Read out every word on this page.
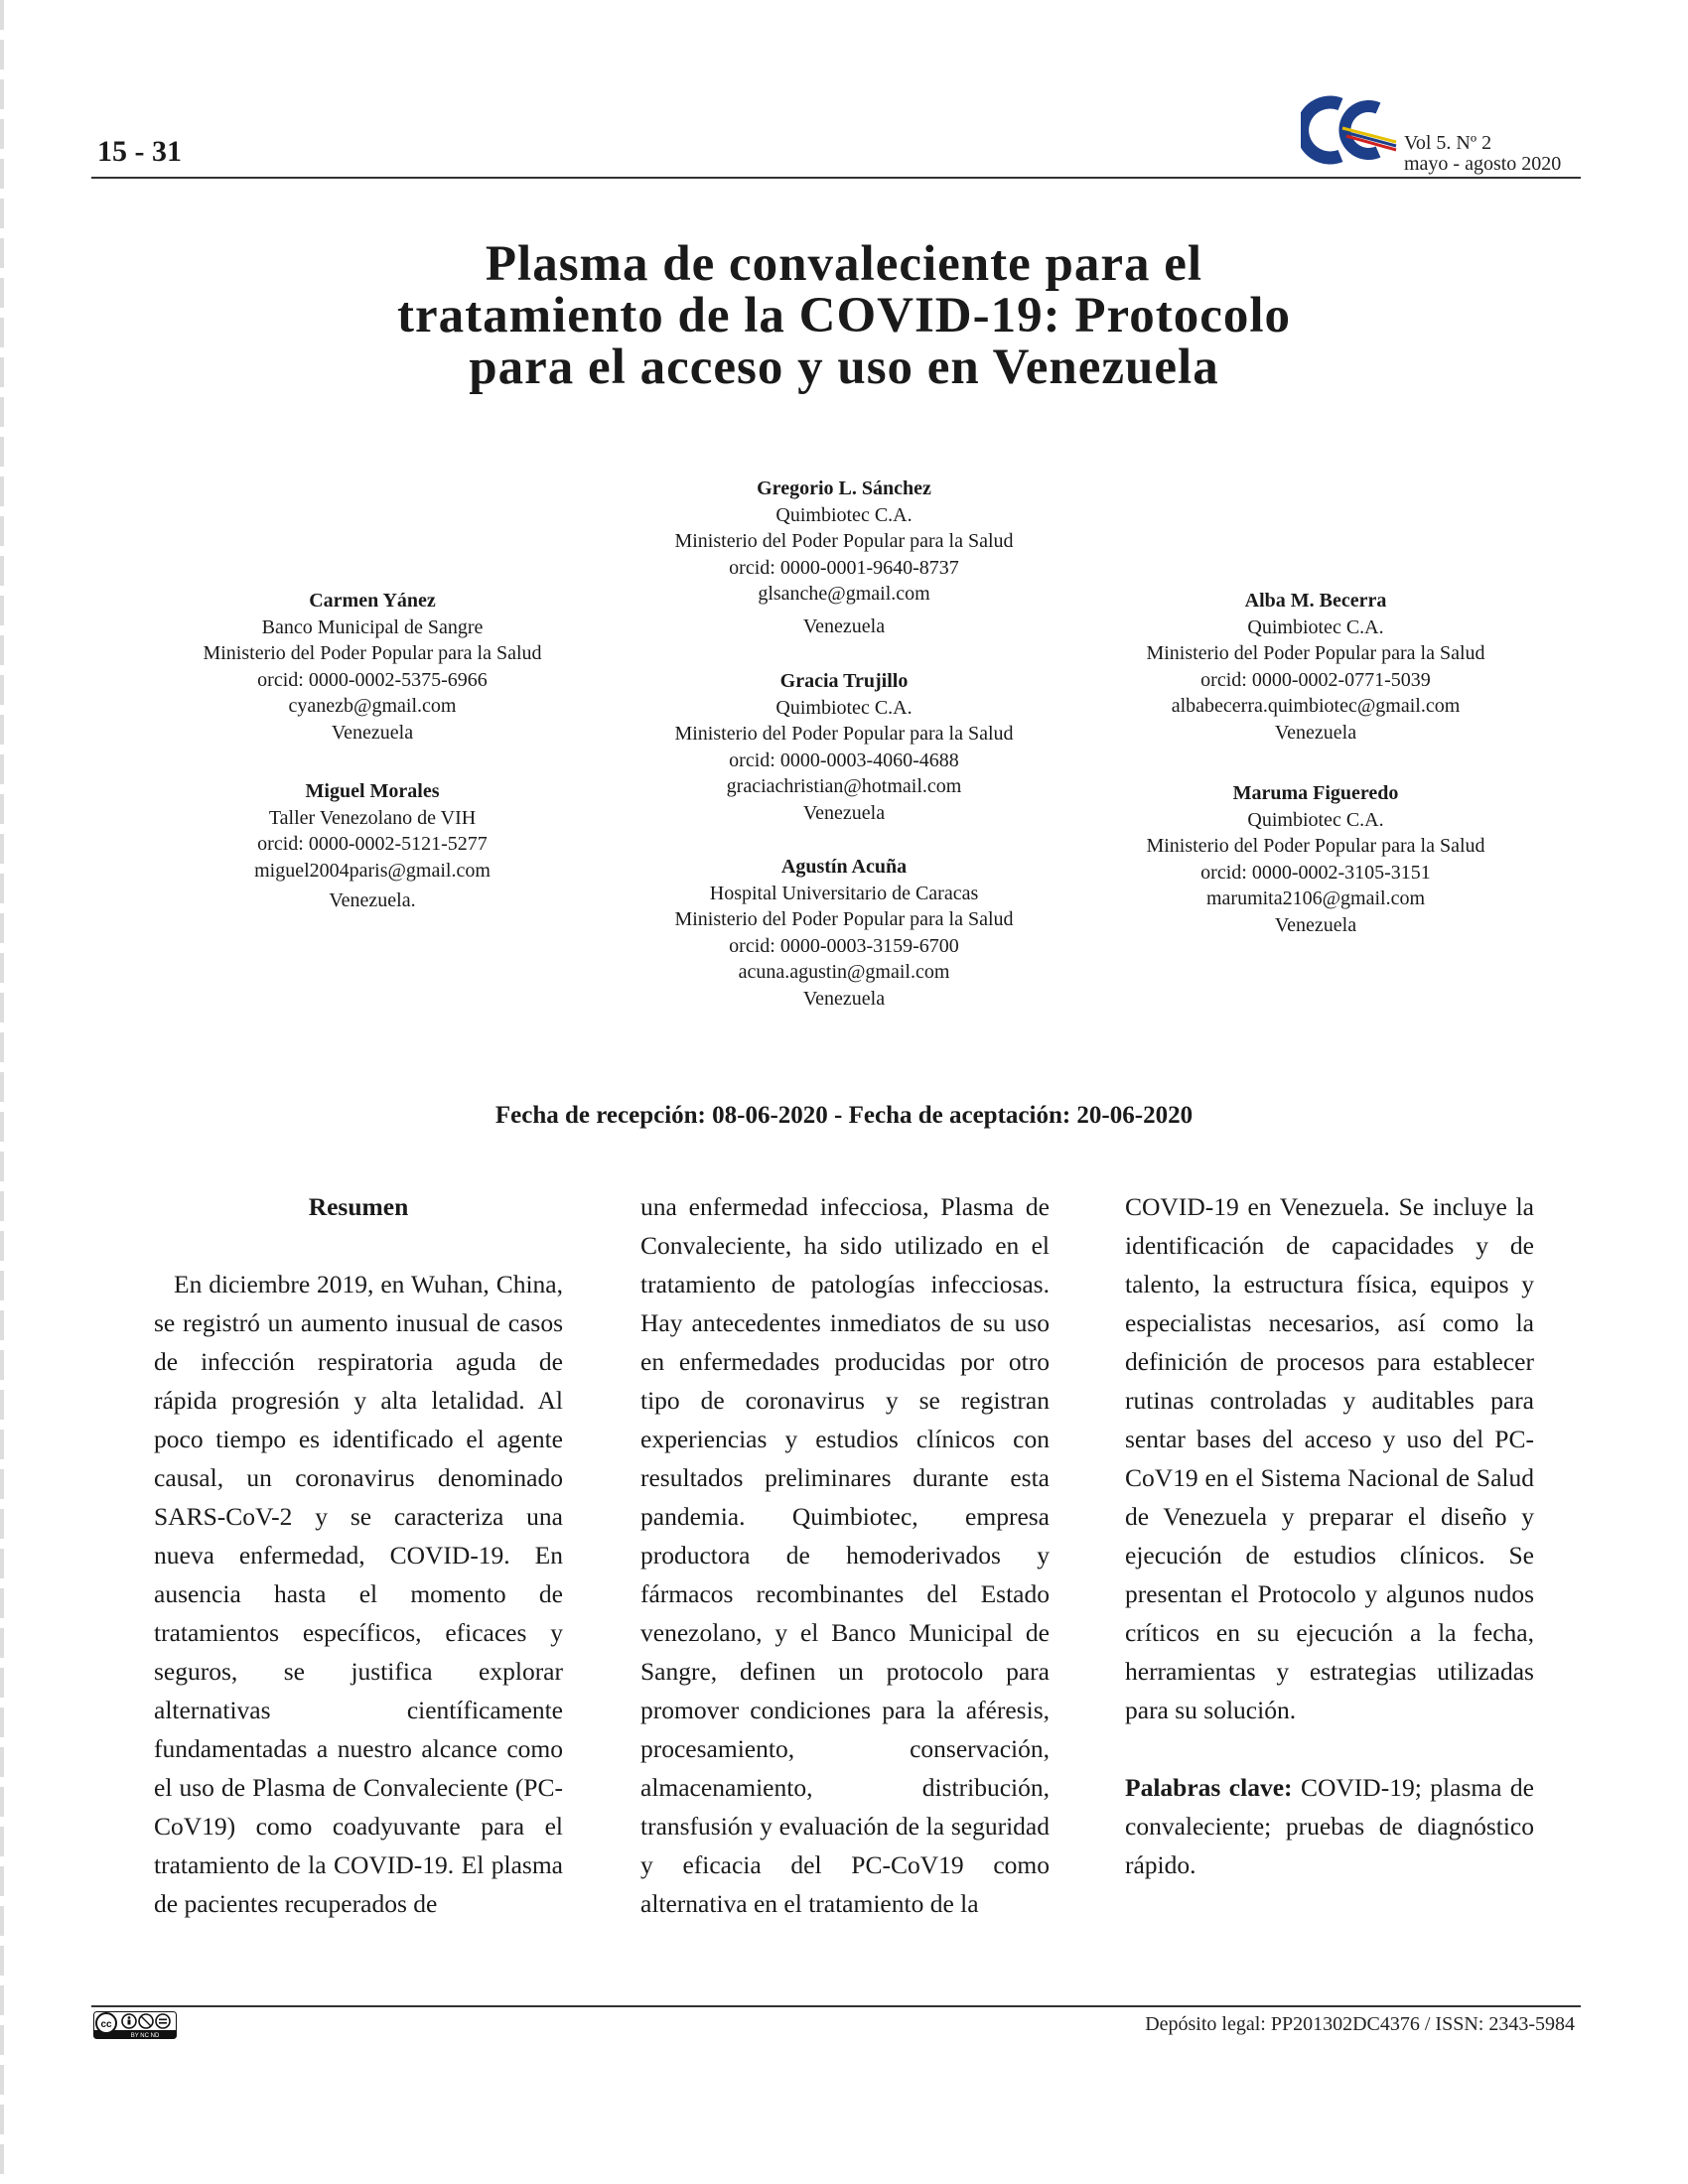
15 - 31	Vol 5. Nº 2
mayo - agosto 2020
Plasma de convaleciente para el
tratamiento de la COVID-19: Protocolo
para el acceso y uso en Venezuela
Carmen Yánez
Banco Municipal de Sangre
Ministerio del Poder Popular para la Salud
orcid: 0000-0002-5375-6966
cyanezb@gmail.com
Venezuela
Miguel Morales
Taller Venezolano de VIH
orcid: 0000-0002-5121-5277
miguel2004paris@gmail.com
Venezuela.
Gregorio L. Sánchez
Quimbiotec C.A.
Ministerio del Poder Popular para la Salud
orcid: 0000-0001-9640-8737
glsanche@gmail.com
Venezuela
Gracia Trujillo
Quimbiotec C.A.
Ministerio del Poder Popular para la Salud
orcid: 0000-0003-4060-4688
graciachristian@hotmail.com
Venezuela
Agustín Acuña
Hospital Universitario de Caracas
Ministerio del Poder Popular para la Salud
orcid: 0000-0003-3159-6700
acuna.agustin@gmail.com
Venezuela
Alba M. Becerra
Quimbiotec C.A.
Ministerio del Poder Popular para la Salud
orcid: 0000-0002-0771-5039
albabecerra.quimbiotec@gmail.com
Venezuela
Maruma Figueredo
Quimbiotec C.A.
Ministerio del Poder Popular para la Salud
orcid: 0000-0002-3105-3151
marumita2106@gmail.com
Venezuela
Fecha de recepción: 08-06-2020 - Fecha de aceptación: 20-06-2020

Resumen

En diciembre 2019, en Wuhan, China, se registró un aumento inusual de casos de infección respiratoria aguda de rápida progresión y alta letalidad. Al poco tiempo es identificado el agente causal, un coronavirus denominado SARS-CoV-2 y se caracteriza una nueva enfermedad, COVID-19. En ausencia hasta el momento de tratamientos específicos, eficaces y seguros, se justifica explorar alternativas científicamente fundamentadas a nuestro alcance como el uso de Plasma de Convaleciente (PC-CoV19) como coadyuvante para el tratamiento de la COVID-19. El plasma de pacientes recuperados de

una enfermedad infecciosa, Plasma de Convaleciente, ha sido utilizado en el tratamiento de patologías infecciosas. Hay antecedentes inmediatos de su uso en enfermedades producidas por otro tipo de coronavirus y se registran experiencias y estudios clínicos con resultados preliminares durante esta pandemia. Quimbiotec, empresa productora de hemoderivados y fármacos recombinantes del Estado venezolano, y el Banco Municipal de Sangre, definen un protocolo para promover condiciones para la aféresis, procesamiento, conservación, almacenamiento, distribución, transfusión y evaluación de la seguridad y eficacia del PC-CoV19 como alternativa en el tratamiento de la

COVID-19 en Venezuela. Se incluye la identificación de capacidades y de talento, la estructura física, equipos y especialistas necesarios, así como la definición de procesos para establecer rutinas controladas y auditables para sentar bases del acceso y uso del PC-CoV19 en el Sistema Nacional de Salud de Venezuela y preparar el diseño y ejecución de estudios clínicos. Se presentan el Protocolo y algunos nudos críticos en su ejecución a la fecha, herramientas y estrategias utilizadas para su solución.

Palabras clave: COVID-19; plasma de convaleciente; pruebas de diagnóstico rápido.

cc
BY NC ND
Depósito legal: PP201302DC4376 / ISSN: 2343-5984
